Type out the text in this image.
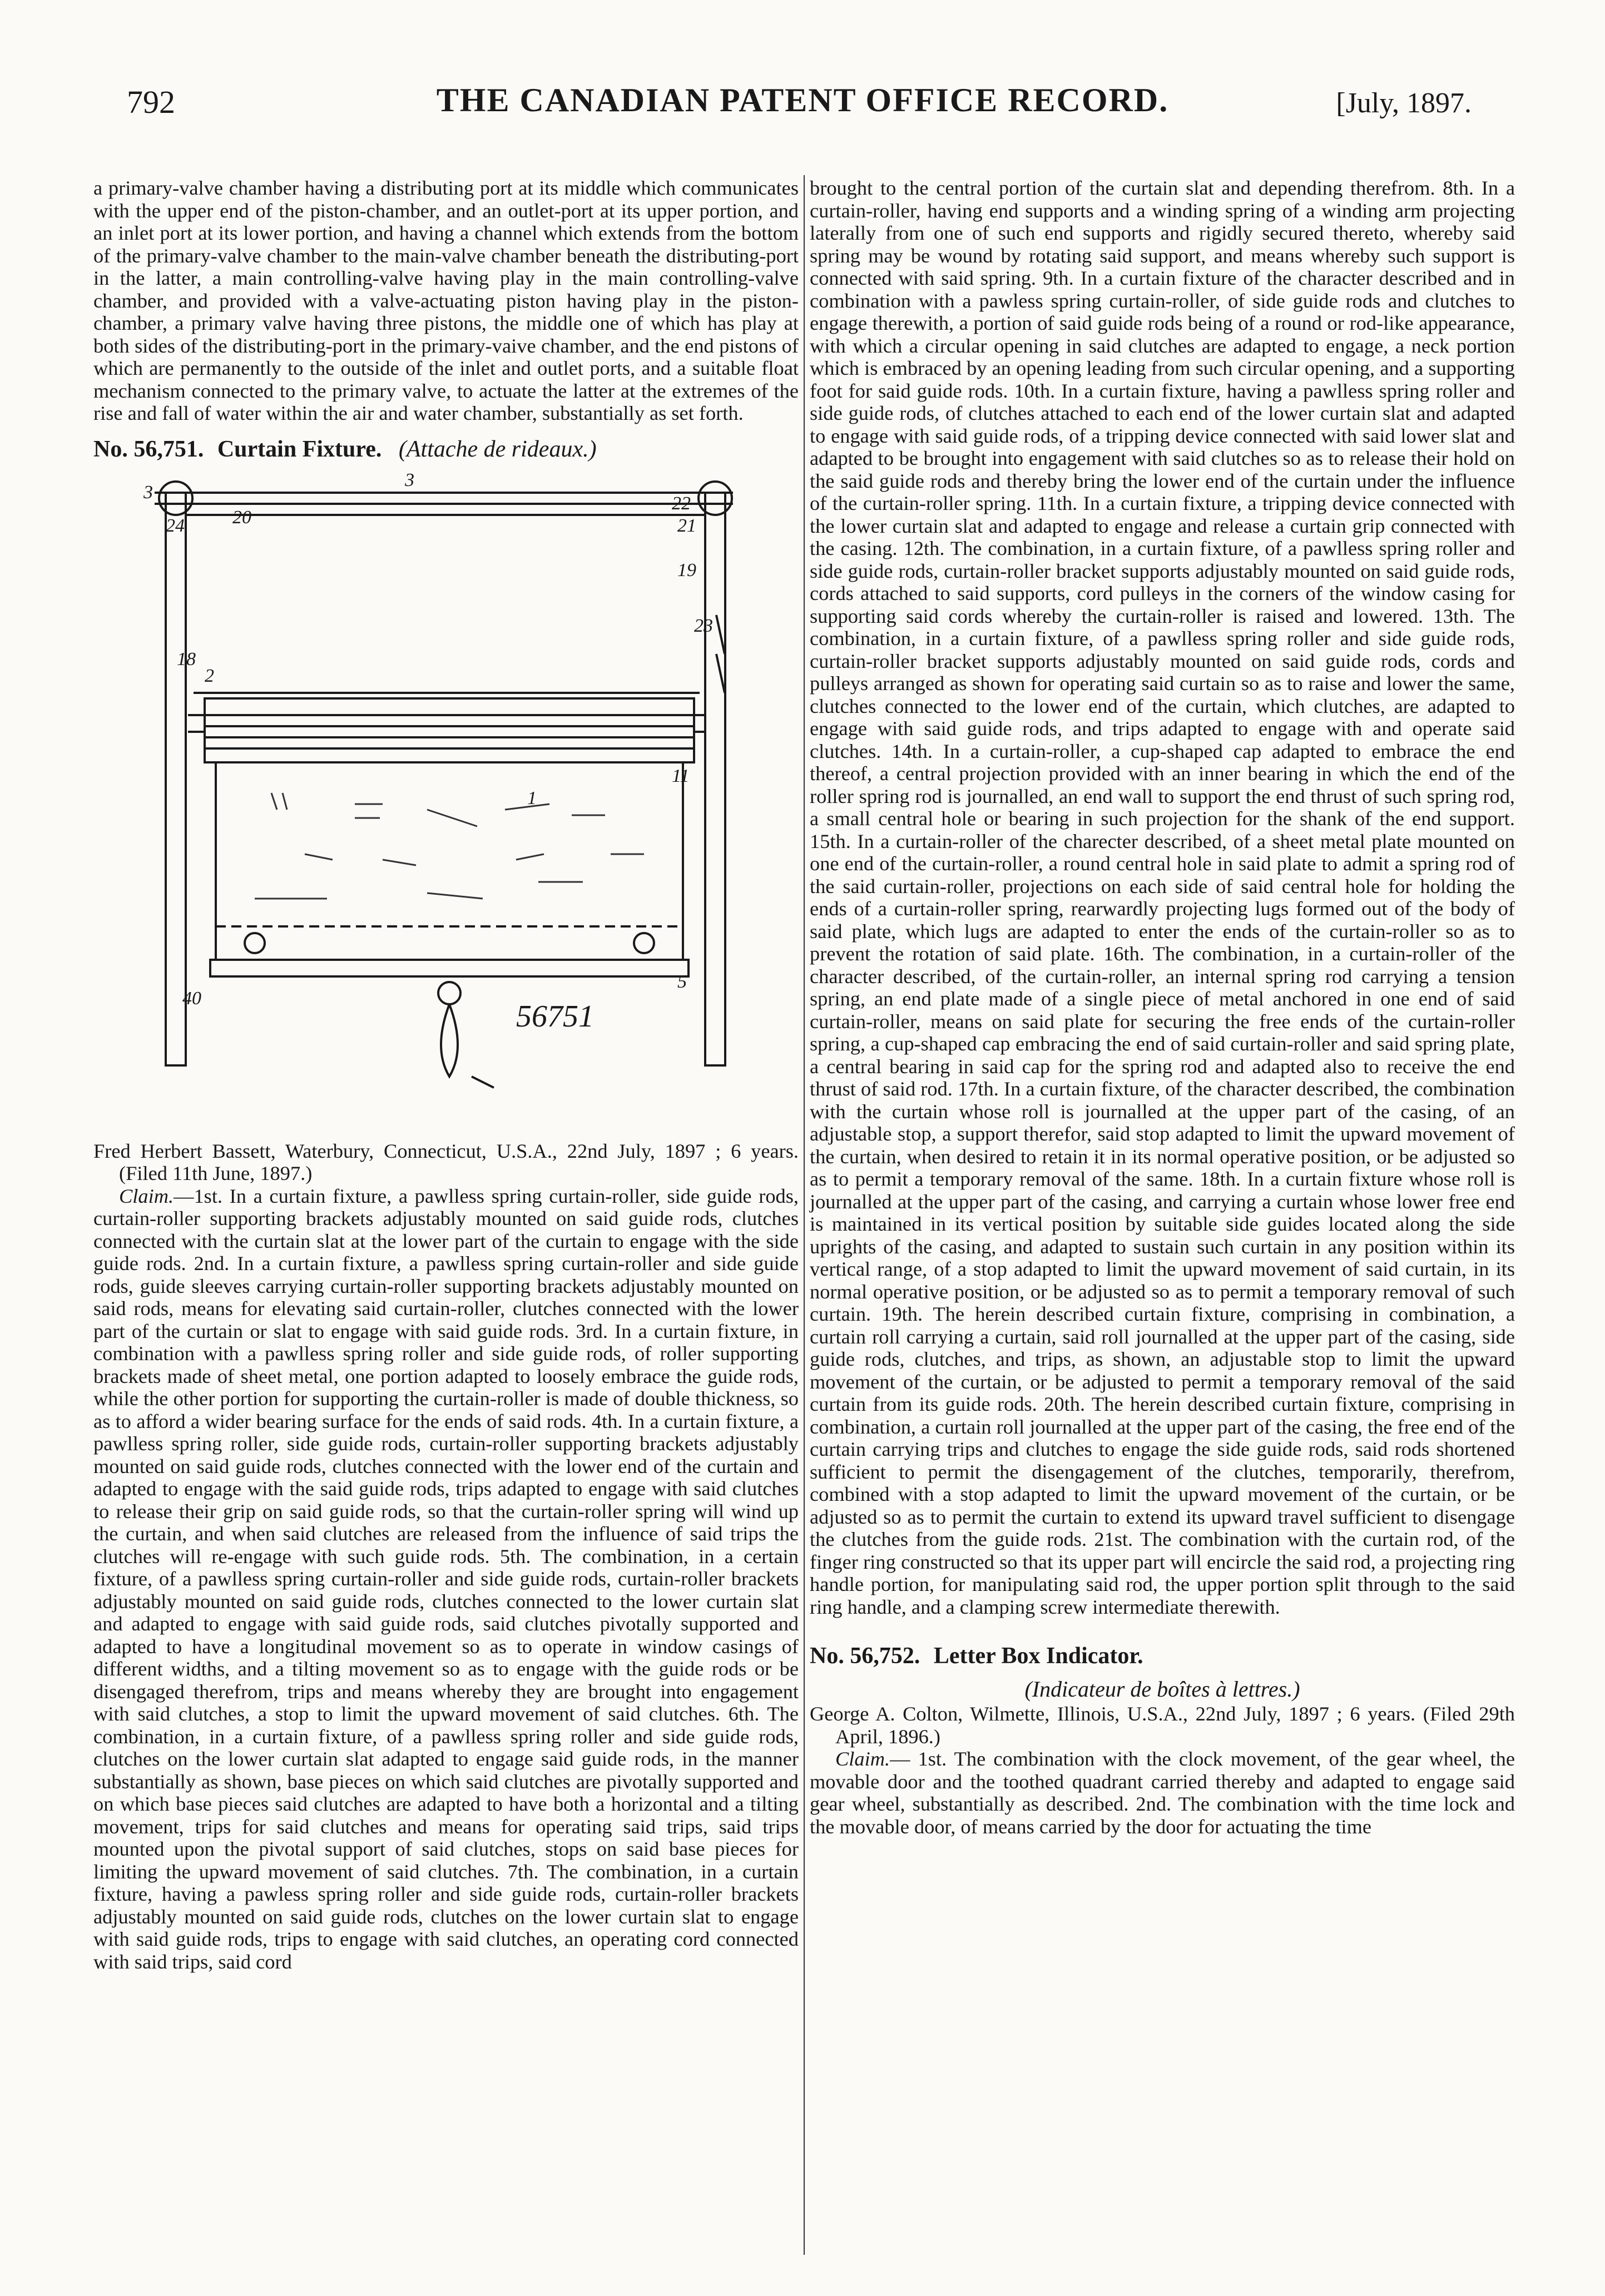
792	THE CANADIAN PATENT OFFICE RECORD.	[July, 1897.

a primary-valve chamber having a distributing port at its middle which communicates with the upper end of the piston-chamber, and an outlet-port at its upper portion, and an inlet port at its lower portion, and having a channel which extends from the bottom of the primary-valve chamber to the main-valve chamber beneath the distributing-port in the latter, a main controlling-valve having play in the main controlling-valve chamber, and provided with a valve-actuating piston having play in the piston-chamber, a primary valve having three pistons, the middle one of which has play at both sides of the distributing-port in the primary-vaive chamber, and the end pistons of which are permanently to the outside of the inlet and outlet ports, and a suitable float mechanism connected to the primary valve, to actuate the latter at the extremes of the rise and fall of water within the air and water chamber, substantially as set forth.

No. 56,751. Curtain Fixture. (Attache de rideaux.)

3
3
24	20
22
21
19
23
18
2
1
11
40
5
56751

Fred Herbert Bassett, Waterbury, Connecticut, U.S.A., 22nd July, 1897 ; 6 years. (Filed 11th June, 1897.)

Claim.—1st. In a curtain fixture, a pawlless spring curtain-roller, side guide rods, curtain-roller supporting brackets adjustably mounted on said guide rods, clutches connected with the curtain slat at the lower part of the curtain to engage with the side guide rods. 2nd. In a curtain fixture, a pawlless spring curtain-roller and side guide rods, guide sleeves carrying curtain-roller supporting brackets adjustably mounted on said rods, means for elevating said curtain-roller, clutches connected with the lower part of the curtain or slat to engage with said guide rods. 3rd. In a curtain fixture, in combination with a pawlless spring roller and side guide rods, of roller supporting brackets made of sheet metal, one portion adapted to loosely embrace the guide rods, while the other portion for supporting the curtain-roller is made of double thickness, so as to afford a wider bearing surface for the ends of said rods. 4th. In a curtain fixture, a pawlless spring roller, side guide rods, curtain-roller supporting brackets adjustably mounted on said guide rods, clutches connected with the lower end of the curtain and adapted to engage with the said guide rods, trips adapted to engage with said clutches to release their grip on said guide rods, so that the curtain-roller spring will wind up the curtain, and when said clutches are released from the influence of said trips the clutches will re-engage with such guide rods. 5th. The combination, in a certain fixture, of a pawlless spring curtain-roller and side guide rods, curtain-roller brackets adjustably mounted on said guide rods, clutches connected to the lower curtain slat and adapted to engage with said guide rods, said clutches pivotally supported and adapted to have a longitudinal movement so as to operate in window casings of different widths, and a tilting movement so as to engage with the guide rods or be disengaged therefrom, trips and means whereby they are brought into engagement with said clutches, a stop to limit the upward movement of said clutches. 6th. The combination, in a curtain fixture, of a pawlless spring roller and side guide rods, clutches on the lower curtain slat adapted to engage said guide rods, in the manner substantially as shown, base pieces on which said clutches are pivotally supported and on which base pieces said clutches are adapted to have both a horizontal and a tilting movement, trips for said clutches and means for operating said trips, said trips mounted upon the pivotal support of said clutches, stops on said base pieces for limiting the upward movement of said clutches. 7th. The combination, in a curtain fixture, having a pawless spring roller and side guide rods, curtain-roller brackets adjustably mounted on said guide rods, clutches on the lower curtain slat to engage with said guide rods, trips to engage with said clutches, an operating cord connected with said trips, said cord

brought to the central portion of the curtain slat and depending therefrom. 8th. In a curtain-roller, having end supports and a winding spring of a winding arm projecting laterally from one of such end supports and rigidly secured thereto, whereby said spring may be wound by rotating said support, and means whereby such support is connected with said spring. 9th. In a curtain fixture of the character described and in combination with a pawless spring curtain-roller, of side guide rods and clutches to engage therewith, a portion of said guide rods being of a round or rod-like appearance, with which a circular opening in said clutches are adapted to engage, a neck portion which is embraced by an opening leading from such circular opening, and a supporting foot for said guide rods. 10th. In a curtain fixture, having a pawlless spring roller and side guide rods, of clutches attached to each end of the lower curtain slat and adapted to engage with said guide rods, of a tripping device connected with said lower slat and adapted to be brought into engagement with said clutches so as to release their hold on the said guide rods and thereby bring the lower end of the curtain under the influence of the curtain-roller spring. 11th. In a curtain fixture, a tripping device connected with the lower curtain slat and adapted to engage and release a curtain grip connected with the casing. 12th. The combination, in a curtain fixture, of a pawlless spring roller and side guide rods, curtain-roller bracket supports adjustably mounted on said guide rods, cords attached to said supports, cord pulleys in the corners of the window casing for supporting said cords whereby the curtain-roller is raised and lowered. 13th. The combination, in a curtain fixture, of a pawlless spring roller and side guide rods, curtain-roller bracket supports adjustably mounted on said guide rods, cords and pulleys arranged as shown for operating said curtain so as to raise and lower the same, clutches connected to the lower end of the curtain, which clutches, are adapted to engage with said guide rods, and trips adapted to engage with and operate said clutches. 14th. In a curtain-roller, a cup-shaped cap adapted to embrace the end thereof, a central projection provided with an inner bearing in which the end of the roller spring rod is journalled, an end wall to support the end thrust of such spring rod, a small central hole or bearing in such projection for the shank of the end support. 15th. In a curtain-roller of the charecter described, of a sheet metal plate mounted on one end of the curtain-roller, a round central hole in said plate to admit a spring rod of the said curtain-roller, projections on each side of said central hole for holding the ends of a curtain-roller spring, rearwardly projecting lugs formed out of the body of said plate, which lugs are adapted to enter the ends of the curtain-roller so as to prevent the rotation of said plate. 16th. The combination, in a curtain-roller of the character described, of the curtain-roller, an internal spring rod carrying a tension spring, an end plate made of a single piece of metal anchored in one end of said curtain-roller, means on said plate for securing the free ends of the curtain-roller spring, a cup-shaped cap embracing the end of said curtain-roller and said spring plate, a central bearing in said cap for the spring rod and adapted also to receive the end thrust of said rod. 17th. In a curtain fixture, of the character described, the combination with the curtain whose roll is journalled at the upper part of the casing, of an adjustable stop, a support therefor, said stop adapted to limit the upward movement of the curtain, when desired to retain it in its normal operative position, or be adjusted so as to permit a temporary removal of the same. 18th. In a curtain fixture whose roll is journalled at the upper part of the casing, and carrying a curtain whose lower free end is maintained in its vertical position by suitable side guides located along the side uprights of the casing, and adapted to sustain such curtain in any position within its vertical range, of a stop adapted to limit the upward movement of said curtain, in its normal operative position, or be adjusted so as to permit a temporary removal of such curtain. 19th. The herein described curtain fixture, comprising in combination, a curtain roll carrying a curtain, said roll journalled at the upper part of the casing, side guide rods, clutches, and trips, as shown, an adjustable stop to limit the upward movement of the curtain, or be adjusted to permit a temporary removal of the said curtain from its guide rods. 20th. The herein described curtain fixture, comprising in combination, a curtain roll journalled at the upper part of the casing, the free end of the curtain carrying trips and clutches to engage the side guide rods, said rods shortened sufficient to permit the disengagement of the clutches, temporarily, therefrom, combined with a stop adapted to limit the upward movement of the curtain, or be adjusted so as to permit the curtain to extend its upward travel sufficient to disengage the clutches from the guide rods. 21st. The combination with the curtain rod, of the finger ring constructed so that its upper part will encircle the said rod, a projecting ring handle portion, for manipulating said rod, the upper portion split through to the said ring handle, and a clamping screw intermediate therewith.

No. 56,752. Letter Box Indicator.

(Indicateur de boîtes à lettres.)

George A. Colton, Wilmette, Illinois, U.S.A., 22nd July, 1897 ; 6 years. (Filed 29th April, 1896.)

Claim.— 1st. The combination with the clock movement, of the gear wheel, the movable door and the toothed quadrant carried thereby and adapted to engage said gear wheel, substantially as described. 2nd. The combination with the time lock and the movable door, of means carried by the door for actuating the time
